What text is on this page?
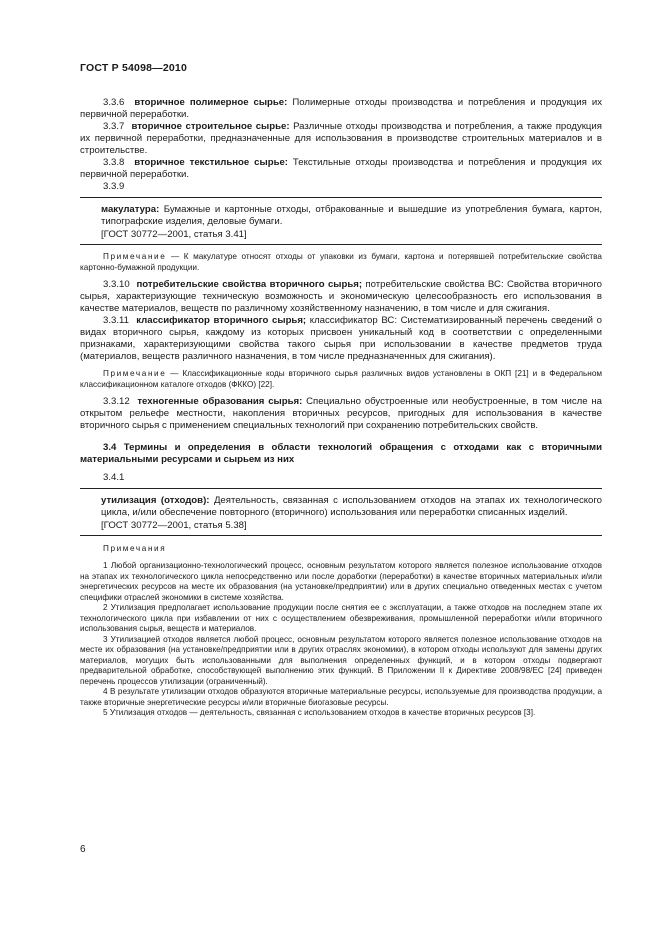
ГОСТ Р 54098—2010

3.3.6 вторичное полимерное сырье: Полимерные отходы производства и потребления и продукция их первичной переработки.

3.3.7 вторичное строительное сырье: Различные отходы производства и потребления, а также продукция их первичной переработки, предназначенные для использования в производстве строительных материалов и в строительстве.

3.3.8 вторичное текстильное сырье: Текстильные отходы производства и потребления и продукция их первичной переработки.

3.3.9

макулатура: Бумажные и картонные отходы, отбракованные и вышедшие из употребления бумага, картон, типографские изделия, деловые бумаги.

[ГОСТ 30772—2001, статья 3.41]

Примечание — К макулатуре относят отходы от упаковки из бумаги, картона и потерявшей потребительские свойства картонно-бумажной продукции.

3.3.10 потребительские свойства вторичного сырья; потребительские свойства ВС: Свойства вторичного сырья, характеризующие техническую возможность и экономическую целесообразность его использования в качестве материалов, веществ по различному хозяйственному назначению, в том числе и для сжигания.

3.3.11 классификатор вторичного сырья; классификатор ВС: Систематизированный перечень сведений о видах вторичного сырья, каждому из которых присвоен уникальный код в соответствии с определенными признаками, характеризующими свойства такого сырья при использовании в качестве предметов труда (материалов, веществ различного назначения, в том числе предназначенных для сжигания).

Примечание — Классификационные коды вторичного сырья различных видов установлены в ОКП [21] и в Федеральном классификационном каталоге отходов (ФККО) [22].

3.3.12 техногенные образования сырья: Специально обустроенные или необустроенные, в том числе на открытом рельефе местности, накопления вторичных ресурсов, пригодных для использования в качестве вторичного сырья с применением специальных технологий при сохранению потребительских свойств.

3.4 Термины и определения в области технологий обращения с отходами как с вторичными материальными ресурсами и сырьем из них

3.4.1

утилизация (отходов): Деятельность, связанная с использованием отходов на этапах их технологического цикла, и/или обеспечение повторного (вторичного) использования или переработки списанных изделий.

[ГОСТ 30772—2001, статья 5.38]

Примечания

1 Любой организационно-технологический процесс, основным результатом которого является полезное использование отходов на этапах их технологического цикла непосредственно или после доработки (переработки) в качестве вторичных материальных и/или энергетических ресурсов на месте их образования (на установке/предприятии) или в других специально отведенных местах с учетом специфики отраслей экономики в системе хозяйства.

2 Утилизация предполагает использование продукции после снятия ее с эксплуатации, а также отходов на последнем этапе их технологического цикла при избавлении от них с осуществлением обезвреживания, промышленной переработки и/или вторичного использования сырья, веществ и материалов.

3 Утилизацией отходов является любой процесс, основным результатом которого является полезное использование отходов на месте их образования (на установке/предприятии или в других отраслях экономики), в котором отходы используют для замены других материалов, могущих быть использованными для выполнения определенных функций, и в котором отходы подвергают предварительной обработке, способствующей выполнению этих функций. В Приложении II к Директиве 2008/98/ЕС [24] приведен перечень процессов утилизации (ограниченный).

4 В результате утилизации отходов образуются вторичные материальные ресурсы, используемые для производства продукции, а также вторичные энергетические ресурсы и/или вторичные биогазовые ресурсы.

5 Утилизация отходов — деятельность, связанная с использованием отходов в качестве вторичных ресурсов [3].

6
